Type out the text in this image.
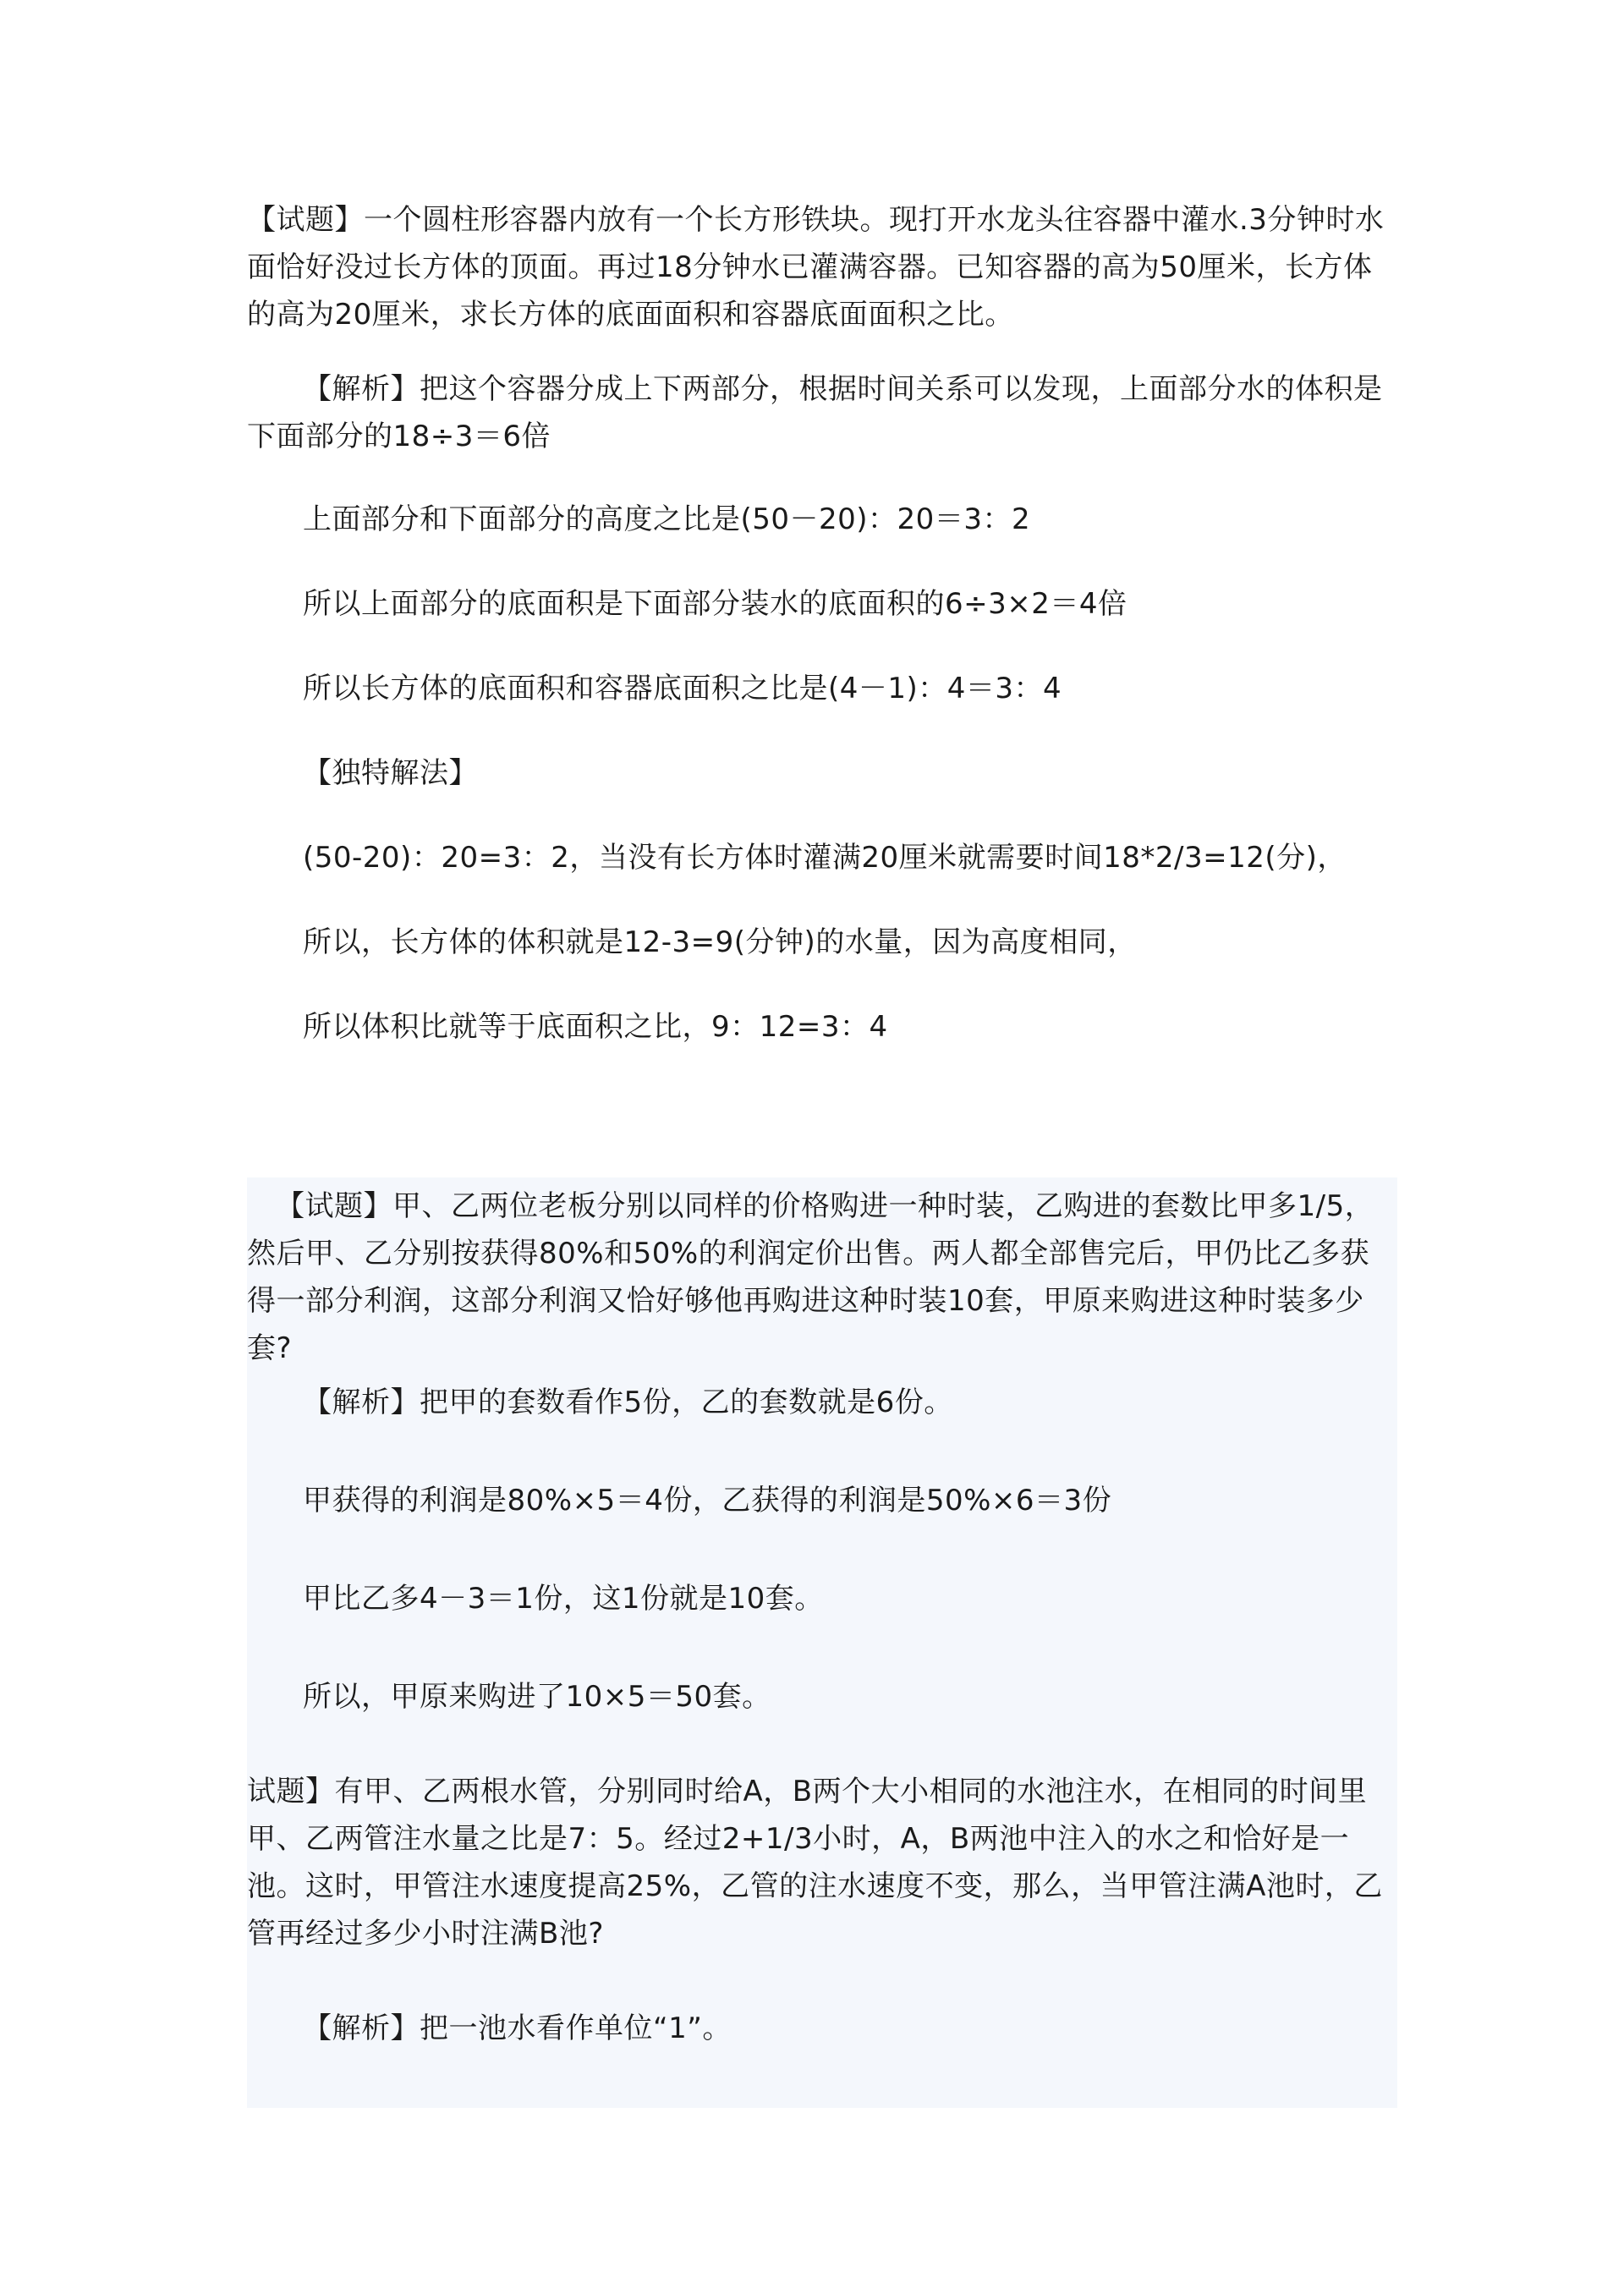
【试题】一个圆柱形容器内放有一个长方形铁块。现打开水龙头往容器中灌水.3分钟时水面恰好没过长方体的顶面。再过18分钟水已灌满容器。已知容器的高为50厘米，长方体的高为20厘米，求长方体的底面面积和容器底面面积之比。

【解析】把这个容器分成上下两部分，根据时间关系可以发现，上面部分水的体积是下面部分的18÷3＝6倍

上面部分和下面部分的高度之比是(50－20)：20＝3：2

所以上面部分的底面积是下面部分装水的底面积的6÷3×2＝4倍

所以长方体的底面积和容器底面积之比是(4－1)：4＝3：4

【独特解法】

(50-20)：20=3：2，当没有长方体时灌满20厘米就需要时间18*2/3=12(分)，

所以，长方体的体积就是12-3=9(分钟)的水量，因为高度相同，

所以体积比就等于底面积之比，9：12=3：4

【试题】甲、乙两位老板分别以同样的价格购进一种时装，乙购进的套数比甲多1/5，然后甲、乙分别按获得80%和50%的利润定价出售。两人都全部售完后，甲仍比乙多获得一部分利润，这部分利润又恰好够他再购进这种时装10套，甲原来购进这种时装多少套?

【解析】把甲的套数看作5份，乙的套数就是6份。

甲获得的利润是80%×5＝4份，乙获得的利润是50%×6＝3份

甲比乙多4－3＝1份，这1份就是10套。

所以，甲原来购进了10×5＝50套。

试题】有甲、乙两根水管，分别同时给A，B两个大小相同的水池注水，在相同的时间里甲、乙两管注水量之比是7：5。经过2+1/3小时，A，B两池中注入的水之和恰好是一池。这时，甲管注水速度提高25%，乙管的注水速度不变，那么，当甲管注满A池时，乙管再经过多少小时注满B池?

【解析】把一池水看作单位“1”。
